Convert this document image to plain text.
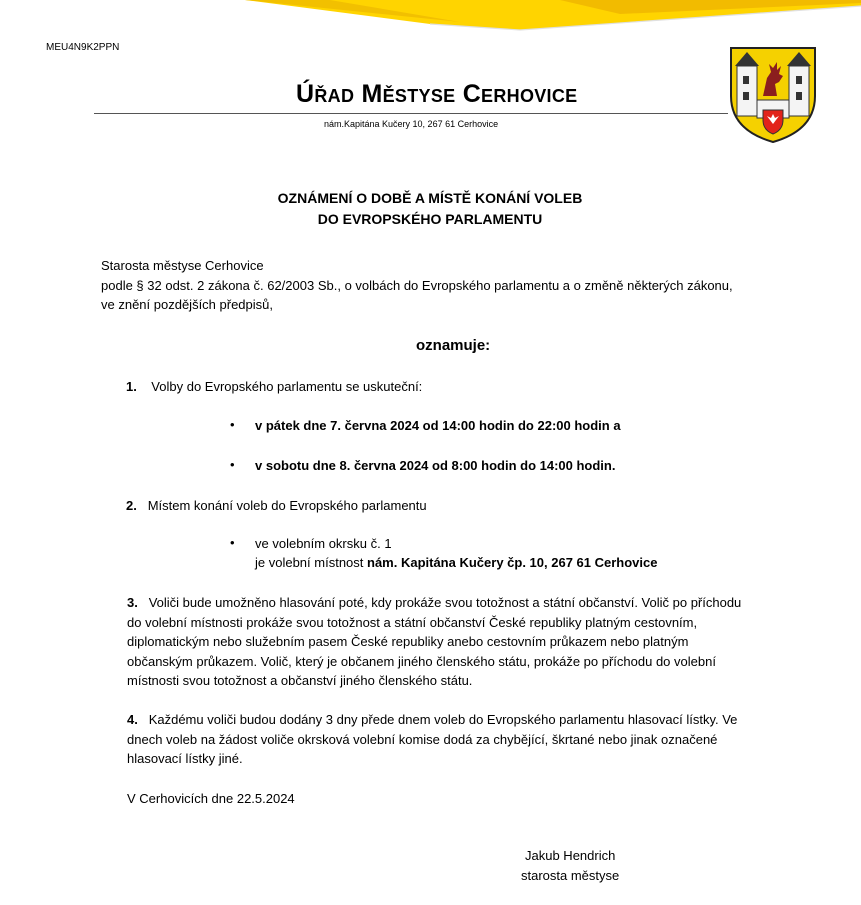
MEU4N9K2PPN
Úřad Městyse Cerhovice
nám.Kapitána Kučery 10, 267 61 Cerhovice
OZNÁMENÍ O DOBĚ A MÍSTĚ KONÁNÍ VOLEB
DO EVROPSKÉHO PARLAMENTU
Starosta městyse Cerhovice
podle § 32 odst. 2 zákona č. 62/2003 Sb., o volbách do Evropského parlamentu a o změně některých zákonu,
ve znění pozdějších předpisů,
oznamuje:
1. Volby do Evropského parlamentu se uskuteční:
• v pátek dne 7. června 2024 od 14:00 hodin do 22:00 hodin a
• v sobotu dne 8. června 2024 od 8:00 hodin do 14:00 hodin.
2. Místem konání voleb do Evropského parlamentu
• ve volebním okrsku č. 1
je volební místnost nám. Kapitána Kučery čp. 10, 267 61 Cerhovice
3. Voliči bude umožněno hlasování poté, kdy prokáže svou totožnost a státní občanství. Volič po příchodu
do volební místnosti prokáže svou totožnost a státní občanství České republiky platným cestovním,
diplomatickým nebo služebním pasem České republiky anebo cestovním průkazem nebo platným
občanským průkazem. Volič, který je občanem jiného členského státu, prokáže po příchodu do volební
místnosti svou totožnost a občanství jiného členského státu.
4. Každému voliči budou dodány 3 dny přede dnem voleb do Evropského parlamentu hlasovací lístky. Ve
dnech voleb na žádost voliče okrsková volební komise dodá za chybějící, škrtané nebo jinak označené
hlasovací lístky jiné.
V Cerhovicích dne 22.5.2024
Jakub Hendrich
starosta městyse
